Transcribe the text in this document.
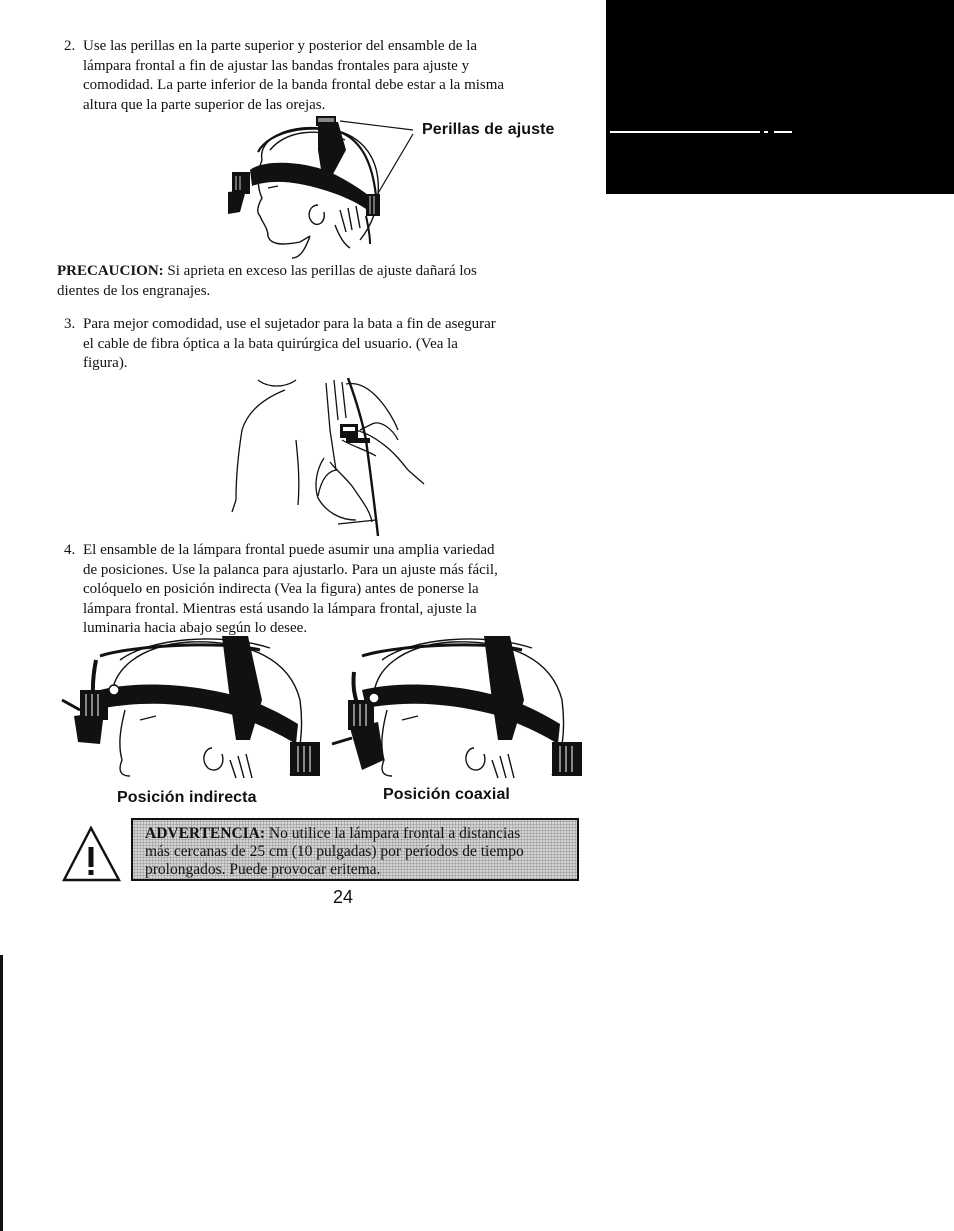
2. Use las perillas en la parte superior y posterior del ensamble de la
lámpara frontal a fin de ajustar las bandas frontales para ajuste y
comodidad. La parte inferior de la banda frontal debe estar a la misma
altura que la parte superior de las orejas.
Perillas de ajuste
PRECAUCION: Si aprieta en exceso las perillas de ajuste dañará los
dientes de los engranajes.
3. Para mejor comodidad, use el sujetador para la bata a fin de asegurar
el cable de fibra óptica a la bata quirúrgica del usuario. (Vea la
figura).
4. El ensamble de la lámpara frontal puede asumir una amplia variedad
de posiciones. Use la palanca para ajustarlo. Para un ajuste más fácil,
colóquelo en posición indirecta (Vea la figura) antes de ponerse la
lámpara frontal. Mientras está usando la lámpara frontal, ajuste la
luminaria hacia abajo según lo desee.
Posición indirecta	Posición coaxial
ADVERTENCIA: No utilice la lámpara frontal a distancias
más cercanas de 25 cm (10 pulgadas) por períodos de tiempo
prolongados. Puede provocar eritema.
24
